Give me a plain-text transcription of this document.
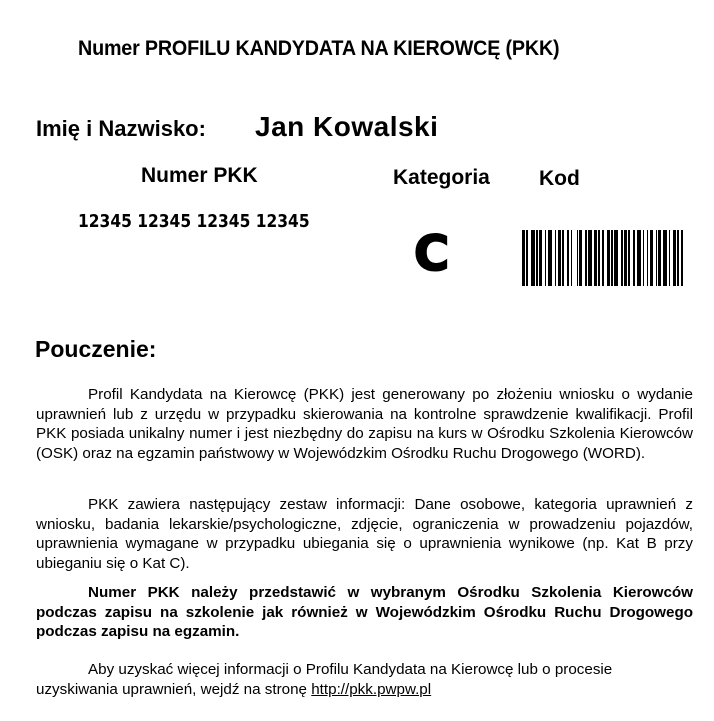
Numer PROFILU KANDYDATA NA KIEROWCĘ (PKK)
Imię i Nazwisko: Jan Kowalski
Numer PKK	Kategoria Kod
12345 12345 12345 12345
C
Pouczenie:
Profil Kandydata na Kierowcę (PKK) jest generowany po złożeniu wniosku o wydanie uprawnień lub z urzędu w przypadku skierowania na kontrolne sprawdzenie kwalifikacji. Profil PKK posiada unikalny numer i jest niezbędny do zapisu na kurs w Ośrodku Szkolenia Kierowców (OSK) oraz na egzamin państwowy w Wojewódzkim Ośrodku Ruchu Drogowego (WORD).
PKK zawiera następujący zestaw informacji: Dane osobowe, kategoria uprawnień z wniosku, badania lekarskie/psychologiczne, zdjęcie, ograniczenia w prowadzeniu pojazdów, uprawnienia wymagane w przypadku ubiegania się o uprawnienia wynikowe (np. Kat B przy ubieganiu się o Kat C).
Numer PKK należy przedstawić w wybranym Ośrodku Szkolenia Kierowców podczas zapisu na szkolenie jak również w Wojewódzkim Ośrodku Ruchu Drogowego podczas zapisu na egzamin.
Aby uzyskać więcej informacji o Profilu Kandydata na Kierowcę lub o procesie uzyskiwania uprawnień, wejdź na stronę http://pkk.pwpw.pl
